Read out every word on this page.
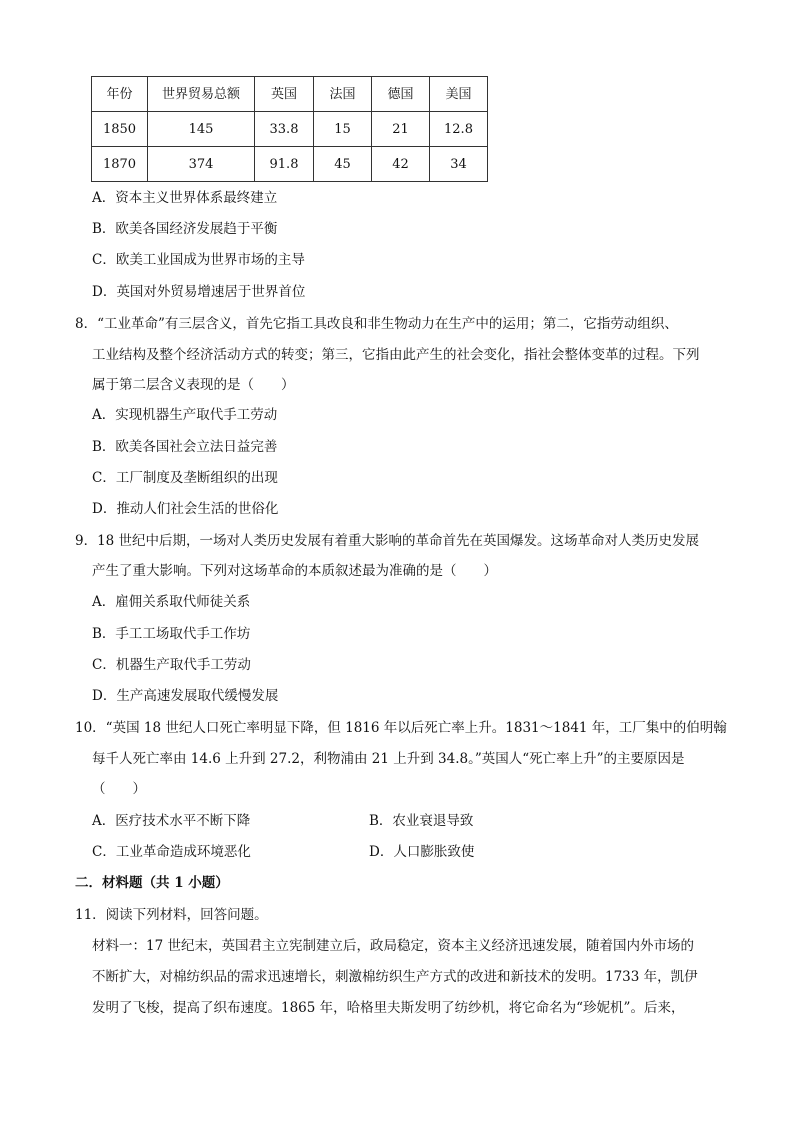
年份	世界贸易总额	英国	法国	德国	美国
1850	145	33.8	15	21	12.8
1870	374	91.8	45	42	34
A．资本主义世界体系最终建立
B．欧美各国经济发展趋于平衡
C．欧美工业国成为世界市场的主导
D．英国对外贸易增速居于世界首位
8．“工业革命”有三层含义，首先它指工具改良和非生物动力在生产中的运用；第二，它指劳动组织、
工业结构及整个经济活动方式的转变；第三，它指由此产生的社会变化，指社会整体变革的过程。下列
属于第二层含义表现的是（　　）
A．实现机器生产取代手工劳动
B．欧美各国社会立法日益完善
C．工厂制度及垄断组织的出现
D．推动人们社会生活的世俗化
9．18 世纪中后期，一场对人类历史发展有着重大影响的革命首先在英国爆发。这场革命对人类历史发展
产生了重大影响。下列对这场革命的本质叙述最为准确的是（　　）
A．雇佣关系取代师徒关系
B．手工工场取代手工作坊
C．机器生产取代手工劳动
D．生产高速发展取代缓慢发展
10．“英国 18 世纪人口死亡率明显下降，但 1816 年以后死亡率上升。1831～1841 年，工厂集中的伯明翰
每千人死亡率由 14.6 上升到 27.2，利物浦由 21 上升到 34.8。”英国人“死亡率上升”的主要原因是
（　　）
A．医疗技术水平不断下降	B．农业衰退导致
C．工业革命造成环境恶化	D．人口膨胀致使
二．材料题（共 1 小题）
11．阅读下列材料，回答问题。
材料一：17 世纪末，英国君主立宪制建立后，政局稳定，资本主义经济迅速发展，随着国内外市场的
不断扩大，对棉纺织品的需求迅速增长，刺激棉纺织生产方式的改进和新技术的发明。1733 年，凯伊
发明了飞梭，提高了织布速度。1865 年，哈格里夫斯发明了纺纱机，将它命名为“珍妮机”。后来，
